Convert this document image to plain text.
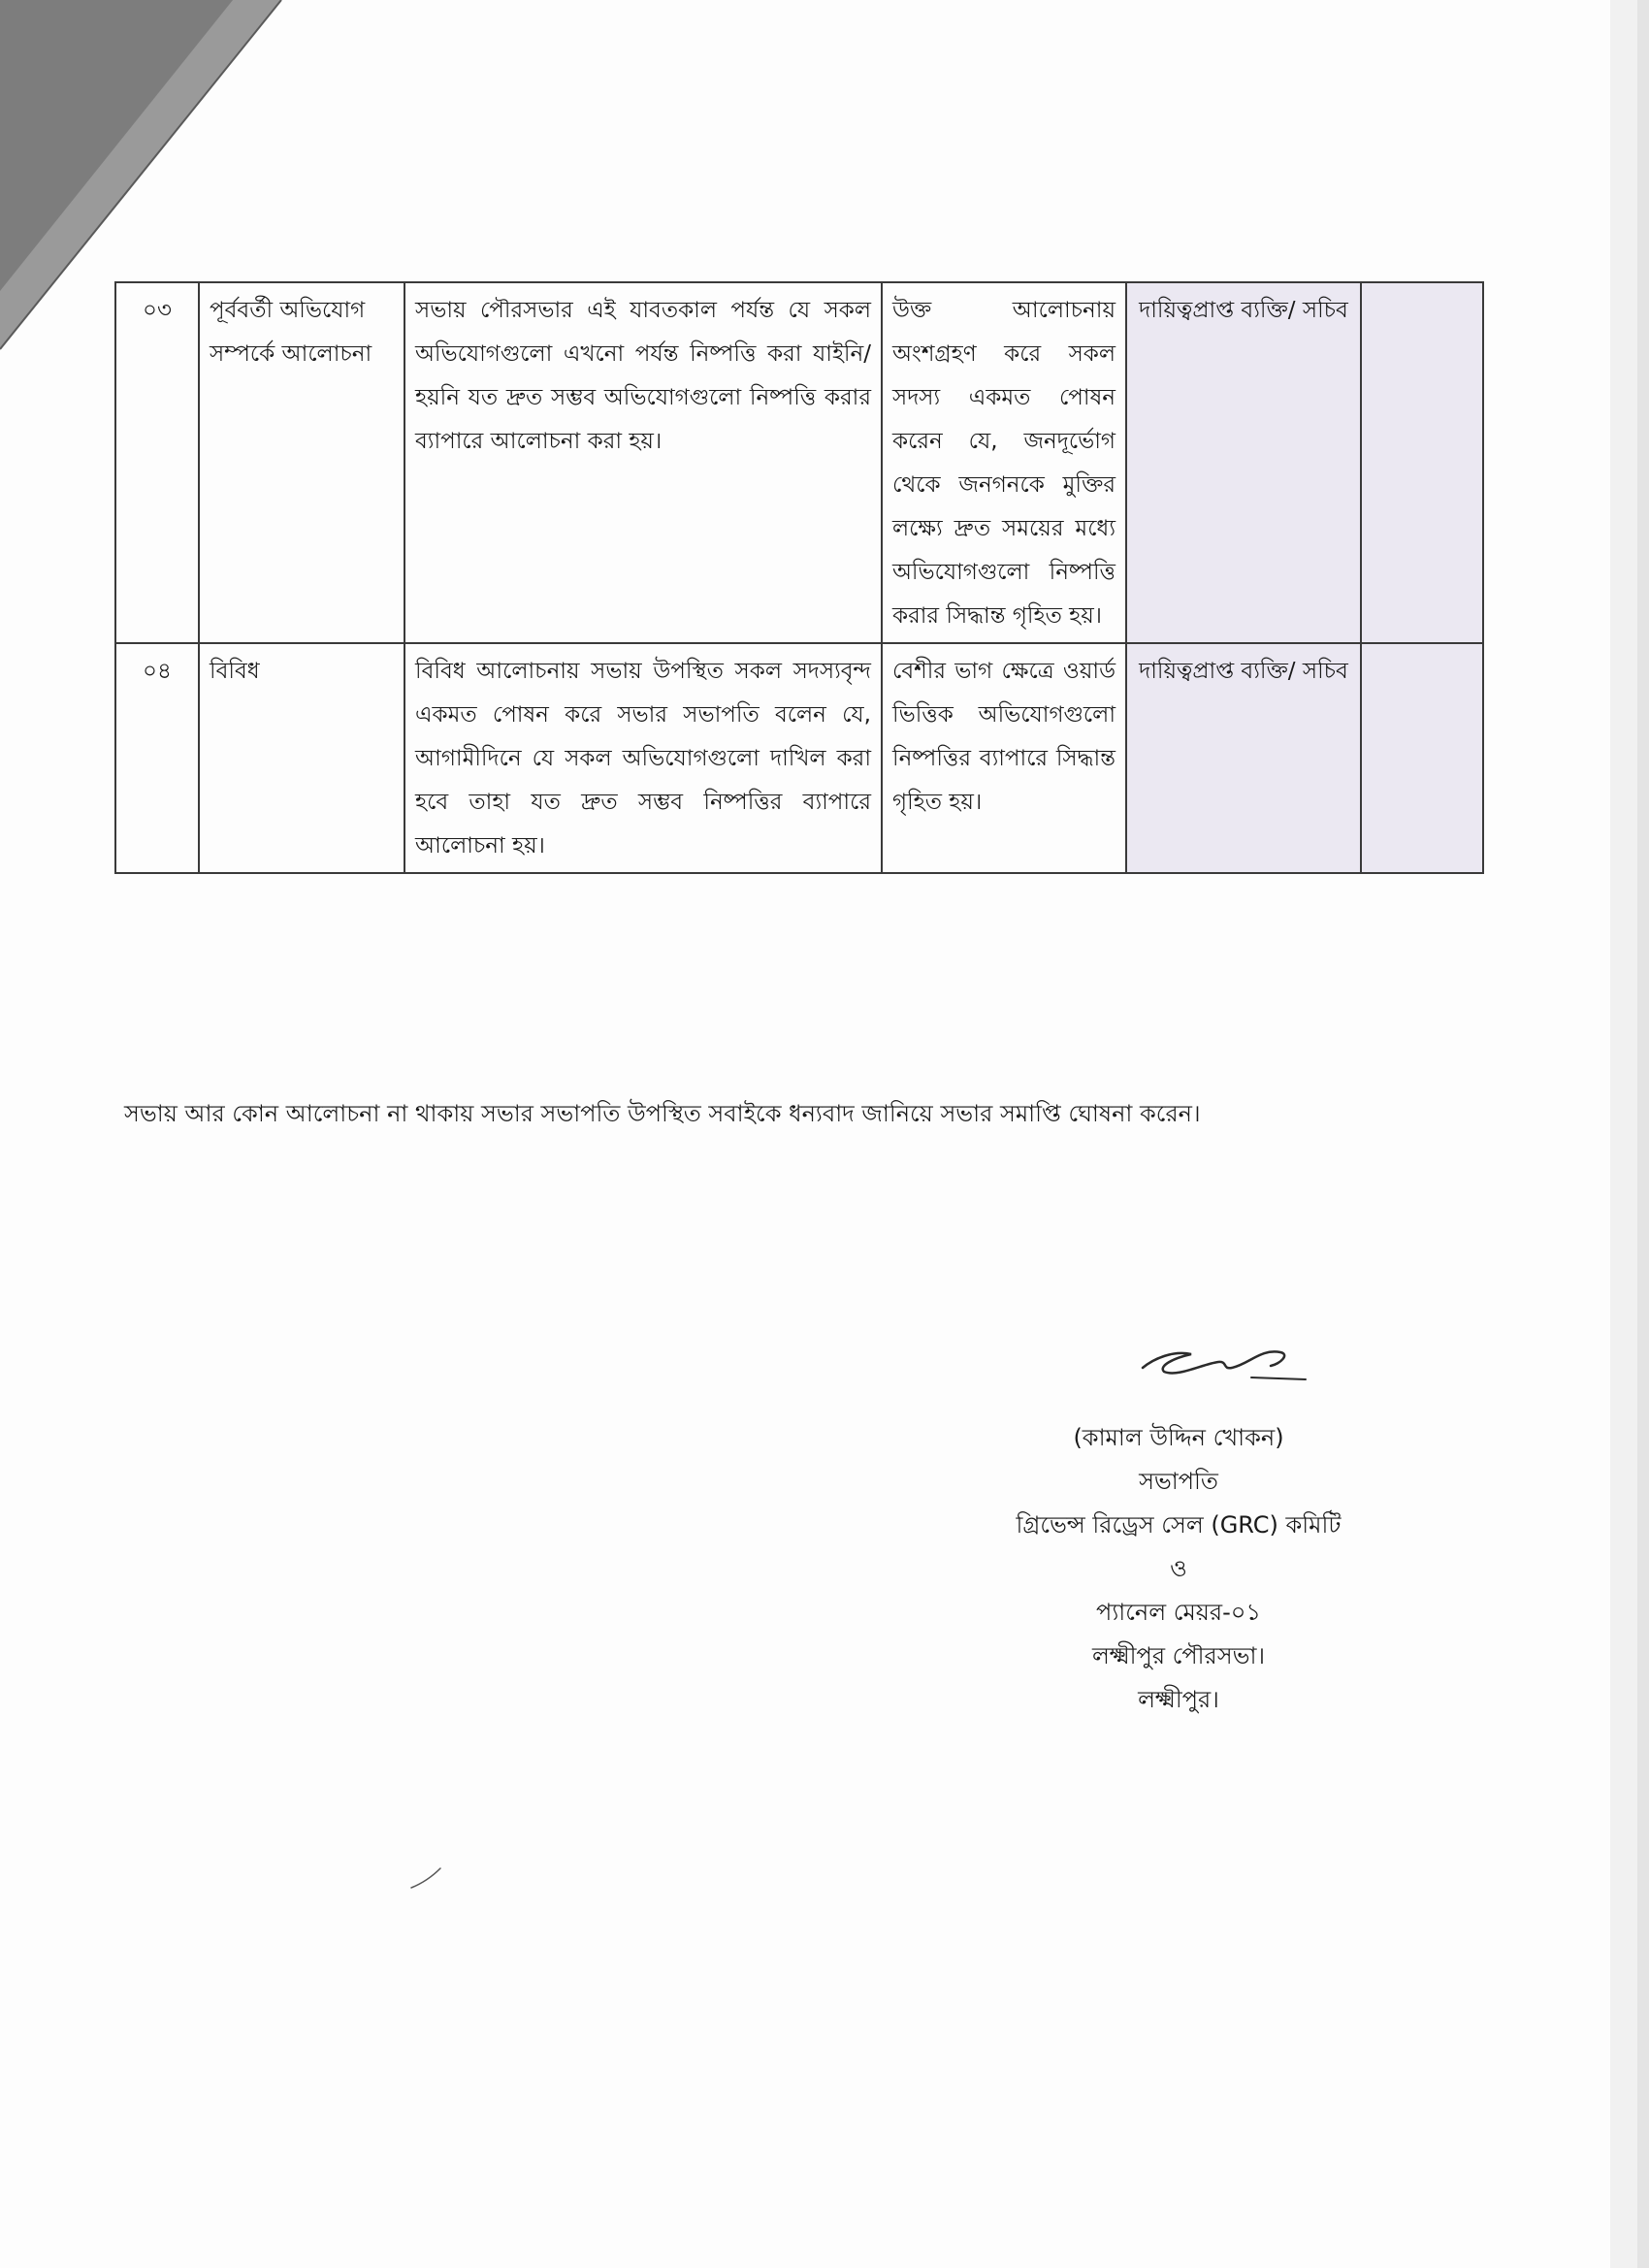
০৩	পূর্ববর্তী অভিযোগ সম্পর্কে আলোচনা	সভায় পৌরসভার এই যাবতকাল পর্যন্ত যে সকল অভিযোগগুলো এখনো পর্যন্ত নিষ্পত্তি করা যাইনি/হয়নি যত দ্রুত সম্ভব অভিযোগগুলো নিষ্পত্তি করার ব্যাপারে আলোচনা করা হয়।	উক্ত আলোচনায় অংশগ্রহণ করে সকল সদস্য একমত পোষন করেন যে, জনদূর্ভোগ থেকে জনগনকে মুক্তির লক্ষ্যে দ্রুত সময়ের মধ্যে অভিযোগগুলো নিষ্পত্তি করার সিদ্ধান্ত গৃহিত হয়।	দায়িত্বপ্রাপ্ত ব্যক্তি/ সচিব	
০৪	বিবিধ	বিবিধ আলোচনায় সভায় উপস্থিত সকল সদস্যবৃন্দ একমত পোষন করে সভার সভাপতি বলেন যে, আগামীদিনে যে সকল অভিযোগগুলো দাখিল করা হবে তাহা যত দ্রুত সম্ভব নিষ্পত্তির ব্যাপারে আলোচনা হয়।	বেশীর ভাগ ক্ষেত্রে ওয়ার্ড ভিত্তিক অভিযোগগুলো নিষ্পত্তির ব্যাপারে সিদ্ধান্ত গৃহিত হয়।	দায়িত্বপ্রাপ্ত ব্যক্তি/ সচিব	
সভায় আর কোন আলোচনা না থাকায় সভার সভাপতি উপস্থিত সবাইকে ধন্যবাদ জানিয়ে সভার সমাপ্তি ঘোষনা করেন।
(কামাল উদ্দিন খোকন)
সভাপতি
গ্রিভেন্স রিড্রেস সেল (GRC) কমিটি
ও
প্যানেল মেয়র-০১
লক্ষ্মীপুর পৌরসভা।
লক্ষ্মীপুর।
